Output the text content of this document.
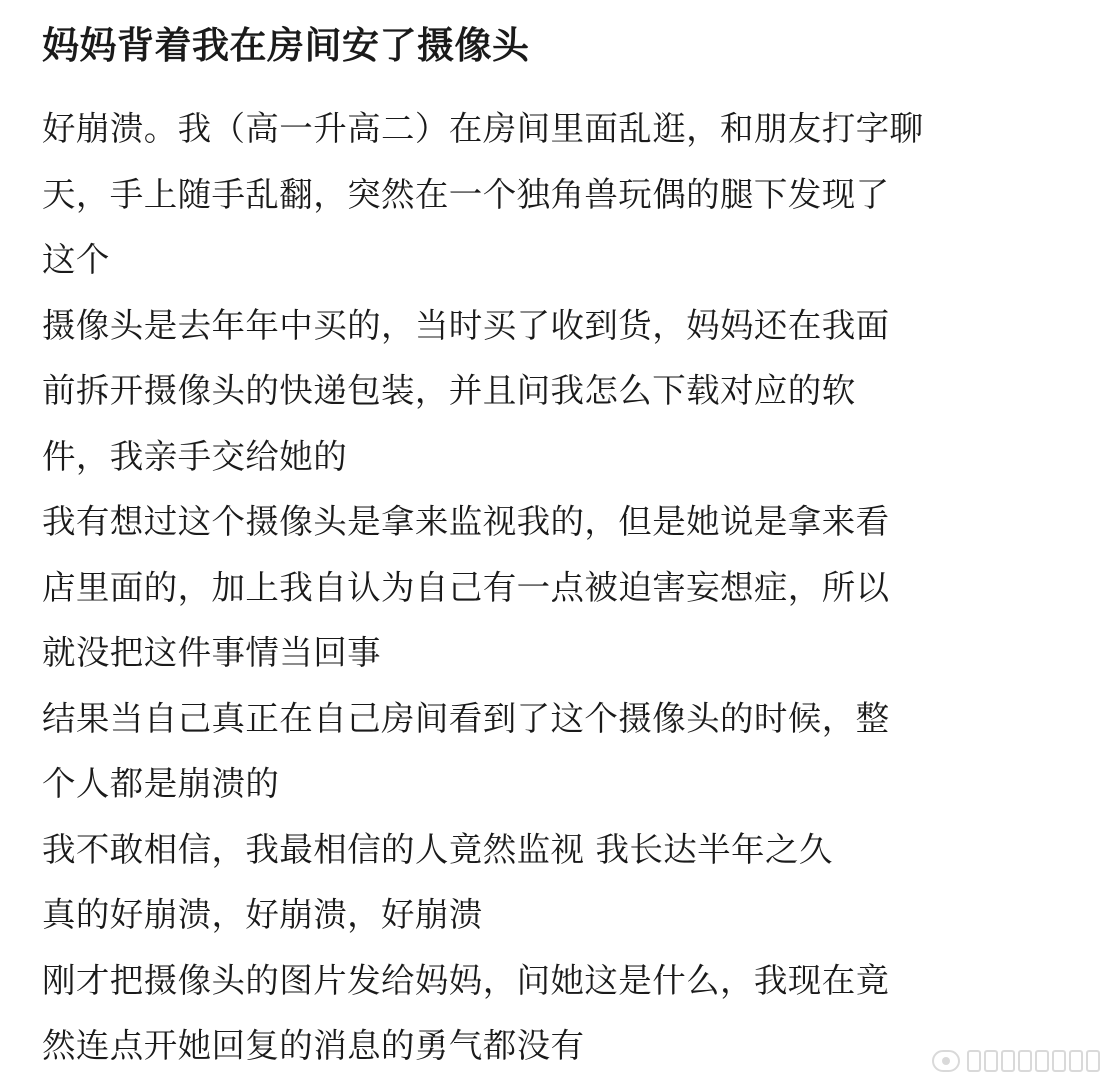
妈妈背着我在房间安了摄像头
好崩溃。我（高一升高二）在房间里面乱逛，和朋友打字聊
天，手上随手乱翻，突然在一个独角兽玩偶的腿下发现了
这个
摄像头是去年年中买的，当时买了收到货，妈妈还在我面
前拆开摄像头的快递包装，并且问我怎么下载对应的软
件，我亲手交给她的
我有想过这个摄像头是拿来监视我的，但是她说是拿来看
店里面的，加上我自认为自己有一点被迫害妄想症，所以
就没把这件事情当回事
结果当自己真正在自己房间看到了这个摄像头的时候，整
个人都是崩溃的
我不敢相信，我最相信的人竟然监视 我长达半年之久
真的好崩溃，好崩溃，好崩溃
刚才把摄像头的图片发给妈妈，问她这是什么，我现在竟
然连点开她回复的消息的勇气都没有
